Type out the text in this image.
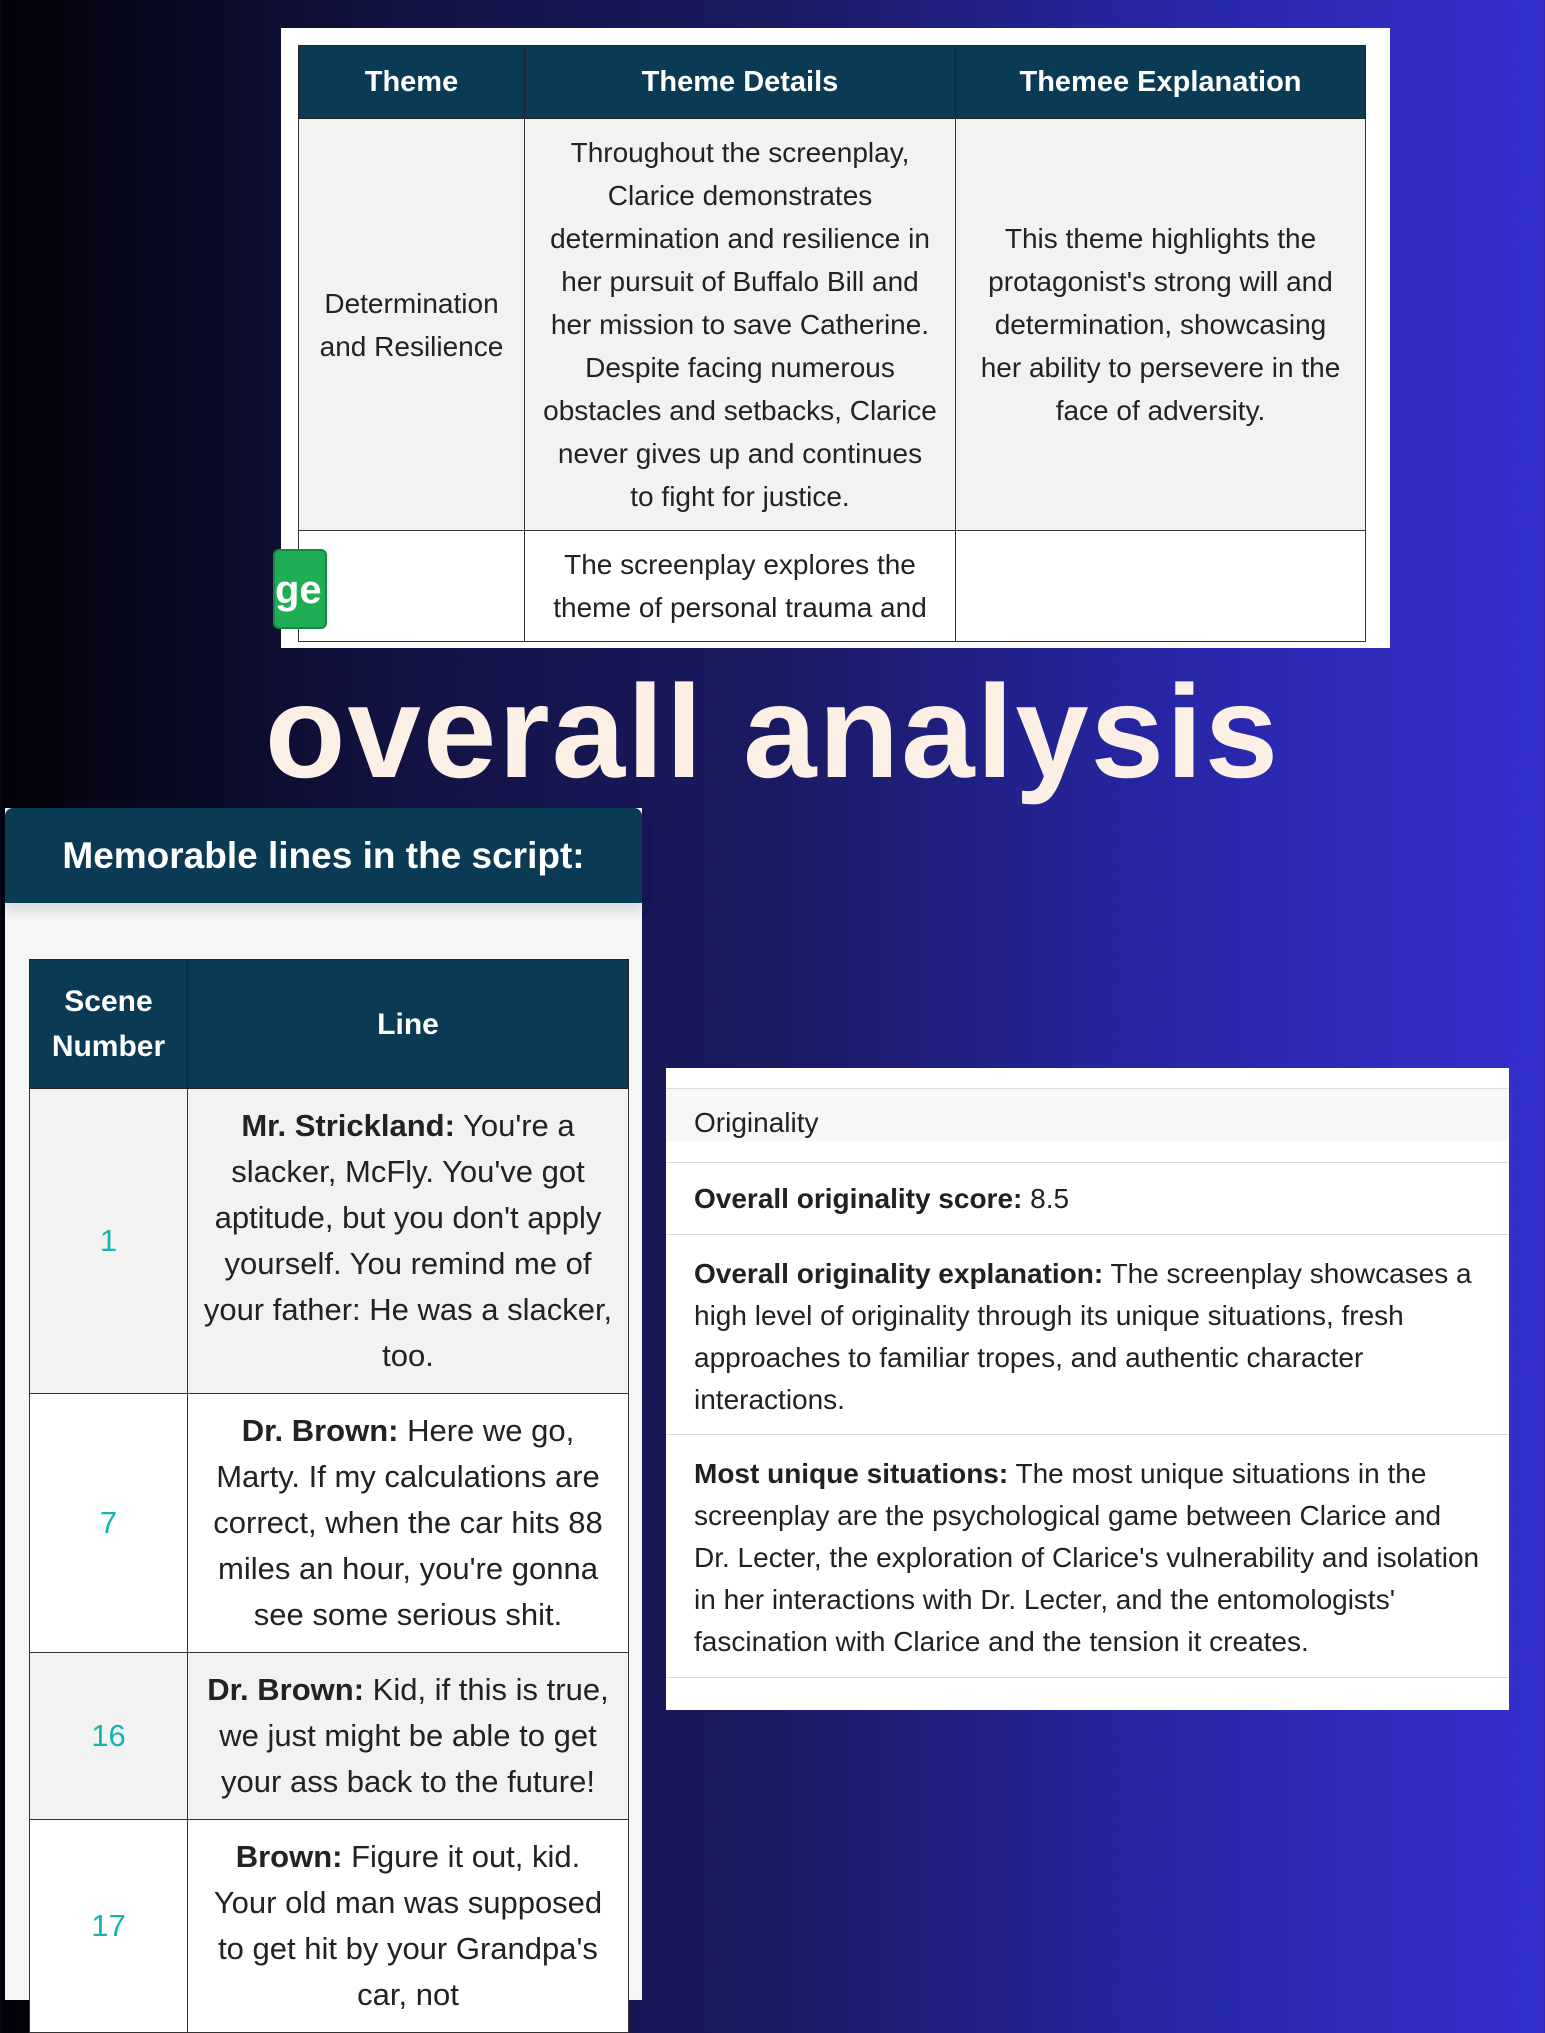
Theme	Theme Details	Themee Explanation
Determination and Resilience	Throughout the screenplay, Clarice demonstrates determination and resilience in her pursuit of Buffalo Bill and her mission to save Catherine. Despite facing numerous obstacles and setbacks, Clarice never gives up and continues to fight for justice.	This theme highlights the protagonist's strong will and determination, showcasing her ability to persevere in the face of adversity.
	The screenplay explores the theme of personal trauma and	
ge
overall analysis
Memorable lines in the script:
Scene Number	Line
1	Mr. Strickland: You're a slacker, McFly. You've got aptitude, but you don't apply yourself. You remind me of your father: He was a slacker, too.
7	Dr. Brown: Here we go, Marty. If my calculations are correct, when the car hits 88 miles an hour, you're gonna see some serious shit.
16	Dr. Brown: Kid, if this is true, we just might be able to get your ass back to the future!
17	Brown: Figure it out, kid. Your old man was supposed to get hit by your Grandpa's car, not
Originality
Overall originality score: 8.5
Overall originality explanation: The screenplay showcases a high level of originality through its unique situations, fresh approaches to familiar tropes, and authentic character interactions.
Most unique situations: The most unique situations in the screenplay are the psychological game between Clarice and Dr. Lecter, the exploration of Clarice's vulnerability and isolation in her interactions with Dr. Lecter, and the entomologists' fascination with Clarice and the tension it creates.
